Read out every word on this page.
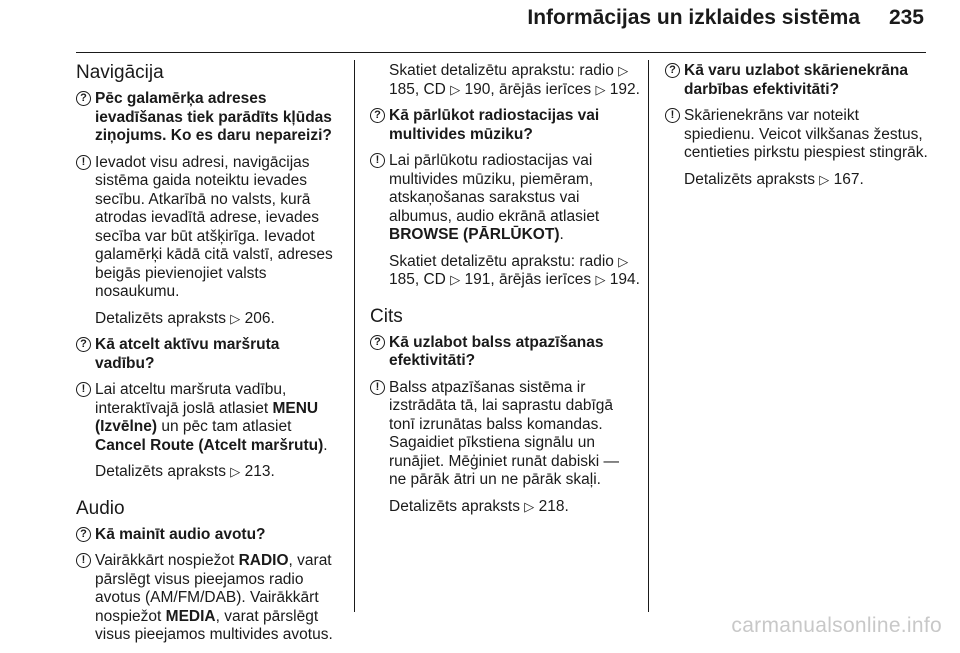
Informācijas un izklaides sistēma 235
Navigācija
? Pēc galamērķa adreses ievadīšanas tiek parādīts kļūdas ziņojums. Ko es daru nepareizi?
! Ievadot visu adresi, navigācijas sistēma gaida noteiktu ievades secību. Atkarībā no valsts, kurā atrodas ievadītā adrese, ievades secība var būt atšķirīga. Ievadot galamērķi kādā citā valstī, adreses beigās pievienojiet valsts nosaukumu.
Detalizēts apraksts ▷ 206.
? Kā atcelt aktīvu maršruta vadību?
! Lai atceltu maršruta vadību, interaktīvajā joslā atlasiet MENU (Izvēlne) un pēc tam atlasiet Cancel Route (Atcelt maršrutu).
Detalizēts apraksts ▷ 213.
Audio
? Kā mainīt audio avotu?
! Vairākkārt nospiežot RADIO, varat pārslēgt visus pieejamos radio avotus (AM/FM/DAB). Vairākkārt nospiežot MEDIA, varat pārslēgt visus pieejamos multivides avotus.
Skatiet detalizētu aprakstu: radio ▷ 185, CD ▷ 190, ārējās ierīces ▷ 192.
? Kā pārlūkot radiostacijas vai multivides mūziku?
! Lai pārlūkotu radiostacijas vai multivides mūziku, piemēram, atskaņošanas sarakstus vai albumus, audio ekrānā atlasiet BROWSE (PĀRLŪKOT).
Skatiet detalizētu aprakstu: radio ▷ 185, CD ▷ 191, ārējās ierīces ▷ 194.
Cits
? Kā uzlabot balss atpazīšanas efektivitāti?
! Balss atpazīšanas sistēma ir izstrādāta tā, lai saprastu dabīgā tonī izrunātas balss komandas. Sagaidiet pīkstiena signālu un runājiet. Mēģiniet runāt dabiski — ne pārāk ātri un ne pārāk skaļi.
Detalizēts apraksts ▷ 218.
? Kā varu uzlabot skārienekrāna darbības efektivitāti?
! Skārienekrāns var noteikt spiedienu. Veicot vilkšanas žestus, centieties pirkstu piespiest stingrāk.
Detalizēts apraksts ▷ 167.
carmanualsonline.info
